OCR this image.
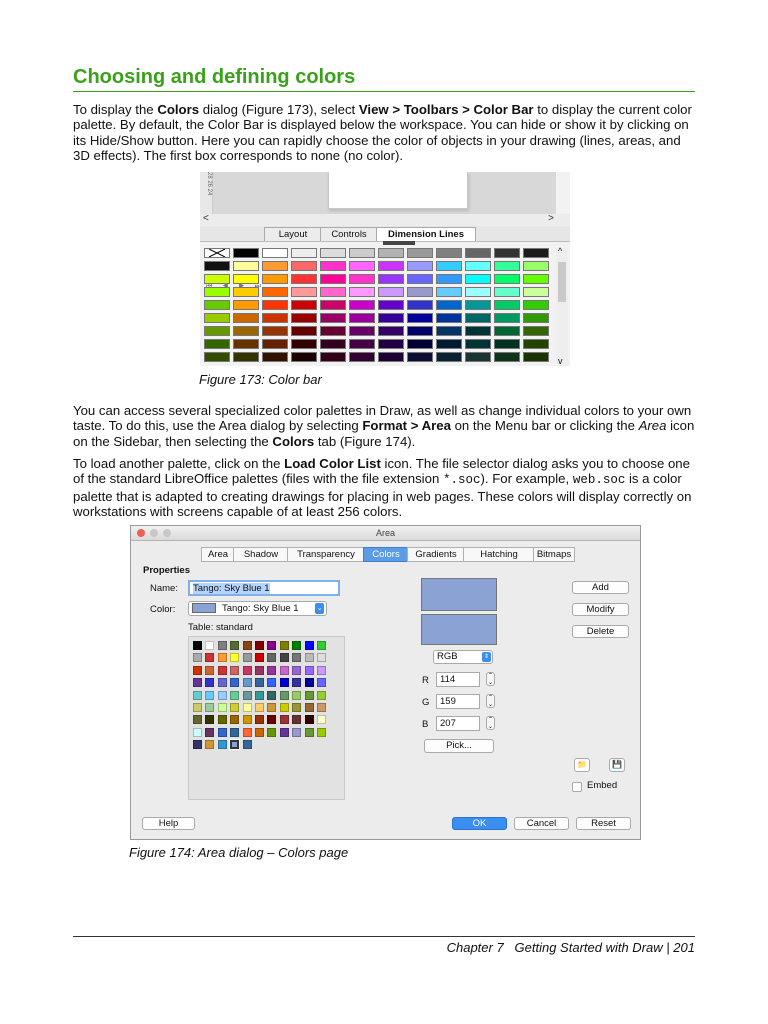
Choosing and defining colors

To display the Colors dialog (Figure 173), select View > Toolbars > Color Bar to display the current color palette. By default, the Color Bar is displayed below the workspace. You can hide or show it by clicking on its Hide/Show button. Here you can rapidly choose the color of objects in your drawing (lines, areas, and 3D effects). The first box corresponds to none (no color).

28 26 24
<	>
⏭
Layout	Controls	Dimension Lines
^
v
Figure 173: Color bar

You can access several specialized color palettes in Draw, as well as change individual colors to your own taste. To do this, use the Area dialog by selecting Format > Area on the Menu bar or clicking the Area icon on the Sidebar, then selecting the Colors tab (Figure 174).

To load another palette, click on the Load Color List icon. The file selector dialog asks you to choose one of the standard LibreOffice palettes (files with the file extension *.soc). For example, web.soc is a color palette that is adapted to creating drawings for placing in web pages. These colors will display correctly on workstations with screens capable of at least 256 colors.

Area
Area	Shadow	Transparency	Colors	Gradients	Hatching	Bitmaps
Properties
Name:	Tango: Sky Blue 1
Color:	Tango: Sky Blue 1	⌄
Table: standard
RGB	⇕
R	114	⌃
⌄
G	159	⌃
⌄
B	207	⌃
⌄
Pick...
Add
Modify
Delete
📁	💾
Embed
Help	OK	Cancel	Reset
Figure 174: Area dialog – Colors page
Chapter 7 Getting Started with Draw | 201
